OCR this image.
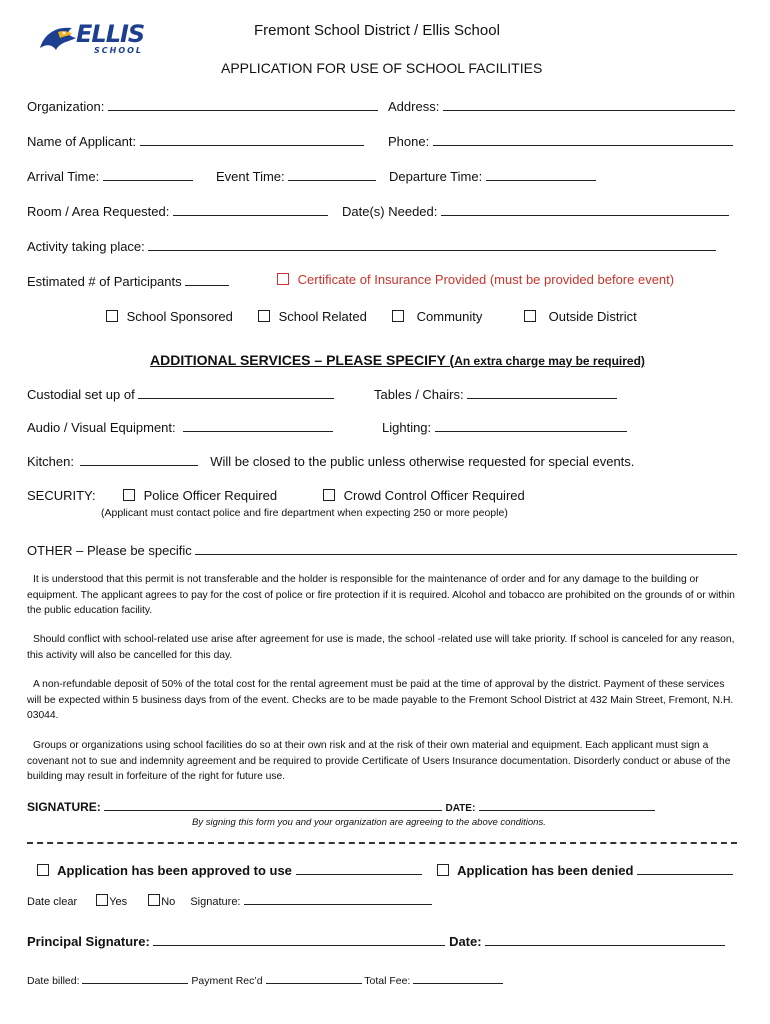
ELLIS
SCHOOL
Fremont School District / Ellis School
APPLICATION FOR USE OF SCHOOL FACILITIES
Organization:	Address:
Name of Applicant:	Phone:
Arrival Time:	Event Time:	Departure Time:
Room / Area Requested:	Date(s) Needed:
Activity taking place:
Estimated # of Participants	Certificate of Insurance Provided (must be provided before event)
School Sponsored	School Related	Community	Outside District
ADDITIONAL SERVICES – PLEASE SPECIFY (An extra charge may be required)
Custodial set up of	Tables / Chairs:
Audio / Visual Equipment:	Lighting:
Kitchen:	Will be closed to the public unless otherwise requested for special events.
SECURITY:	Police Officer Required	Crowd Control Officer Required
(Applicant must contact police and fire department when expecting 250 or more people)
OTHER – Please be specific
It is understood that this permit is not transferable and the holder is responsible for the maintenance of order and for any damage to the building or equipment. The applicant agrees to pay for the cost of police or fire protection if it is required. Alcohol and tobacco are prohibited on the grounds of or within the public education facility.
Should conflict with school-related use arise after agreement for use is made, the school -related use will take priority. If school is canceled for any reason, this activity will also be cancelled for this day.
A non-refundable deposit of 50% of the total cost for the rental agreement must be paid at the time of approval by the district. Payment of these services will be expected within 5 business days from of the event. Checks are to be made payable to the Fremont School District at 432 Main Street, Fremont, N.H. 03044.
Groups or organizations using school facilities do so at their own risk and at the risk of their own material and equipment. Each applicant must sign a covenant not to sue and indemnity agreement and be required to provide Certificate of Users Insurance documentation. Disorderly conduct or abuse of the building may result in forfeiture of the right for future use.
SIGNATURE:	DATE:
By signing this form you and your organization are agreeing to the above conditions.
Application has been approved to use	Application has been denied
Date clear	Yes	No Signature:
Principal Signature:	Date:
Date billed:	Payment Rec’d	Total Fee:
